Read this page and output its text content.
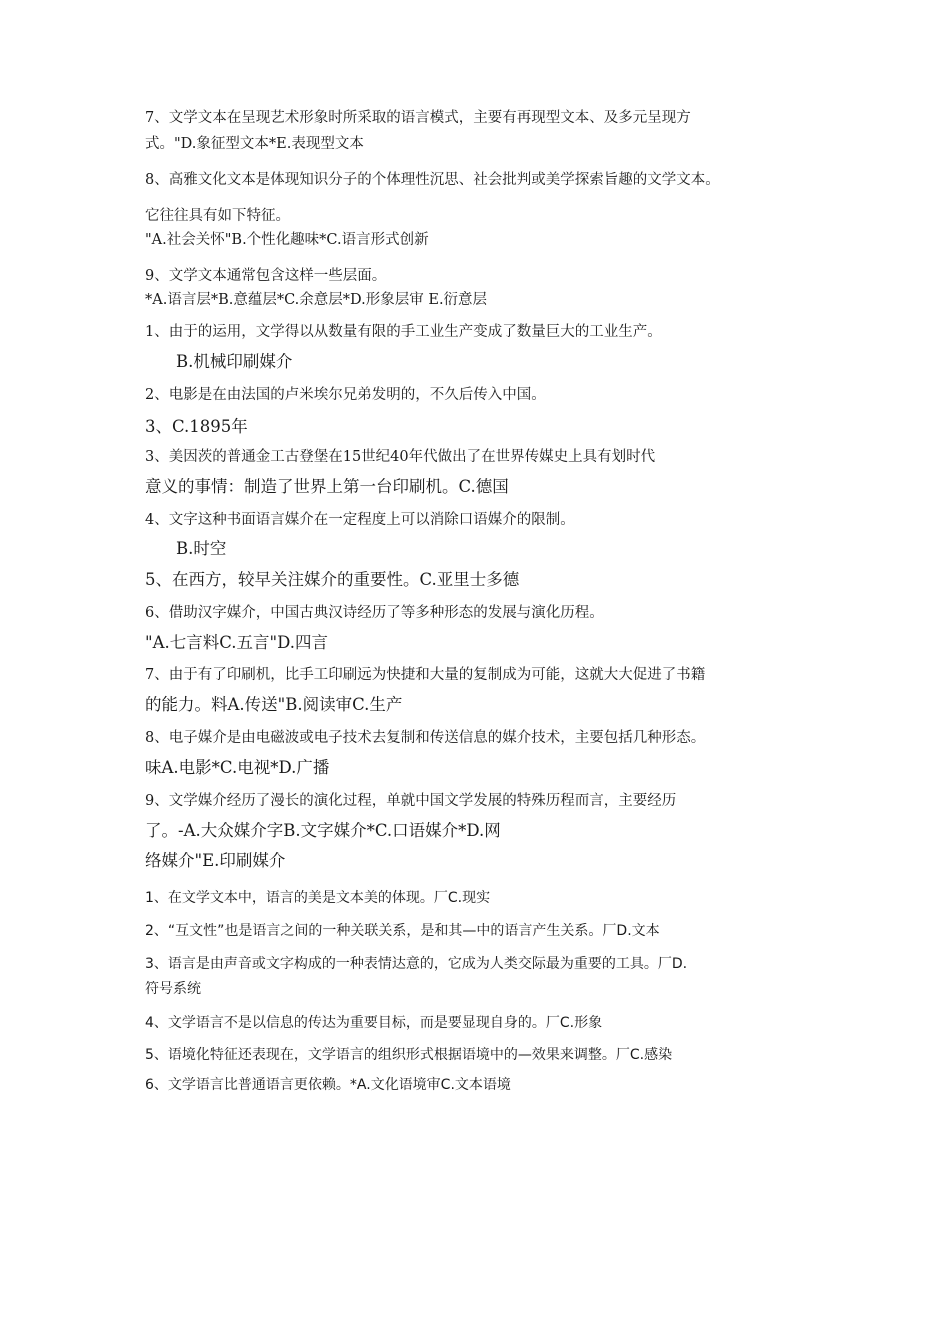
7、文学文本在呈现艺术形象时所采取的语言模式，主要有再现型文本、及多元呈现方
式。"D.象征型文本*E.表现型文本
8、高雅文化文本是体现知识分子的个体理性沉思、社会批判或美学探索旨趣的文学文本。
它往往具有如下特征。
"A.社会关怀"B.个性化趣味*C.语言形式创新
9、文学文本通常包含这样一些层面。
*A.语言层*B.意蕴层*C.余意层*D.形象层审 E.衍意层
1、由于的运用，文学得以从数量有限的手工业生产变成了数量巨大的工业生产。
B.机械印刷媒介
2、电影是在由法国的卢米埃尔兄弟发明的，不久后传入中国。
3、C.1895年
3、美因茨的普通金工古登堡在15世纪40年代做出了在世界传媒史上具有划时代
意义的事情：制造了世界上第一台印刷机。C.德国
4、文字这种书面语言媒介在一定程度上可以消除口语媒介的限制。
B.时空
5、在西方，较早关注媒介的重要性。C.亚里士多德
6、借助汉字媒介，中国古典汉诗经历了等多种形态的发展与演化历程。
"A.七言料C.五言"D.四言
7、由于有了印刷机，比手工印刷远为快捷和大量的复制成为可能，这就大大促进了书籍
的能力。料A.传送"B.阅读审C.生产
8、电子媒介是由电磁波或电子技术去复制和传送信息的媒介技术，主要包括几种形态。
味A.电影*C.电视*D.广播
9、文学媒介经历了漫长的演化过程，单就中国文学发展的特殊历程而言，主要经历
了。-A.大众媒介字B.文字媒介*C.口语媒介*D.网
络媒介"E.印刷媒介
1、在文学文本中，语言的美是文本美的体现。厂C.现实
2、“互文性”也是语言之间的一种关联关系，是和其—中的语言产生关系。厂D.文本
3、语言是由声音或文字构成的一种表情达意的，它成为人类交际最为重要的工具。厂D.
符号系统
4、文学语言不是以信息的传达为重要目标，而是要显现自身的。厂C.形象
5、语境化特征还表现在，文学语言的组织形式根据语境中的—效果来调整。厂C.感染
6、文学语言比普通语言更依赖。*A.文化语境审C.文本语境
